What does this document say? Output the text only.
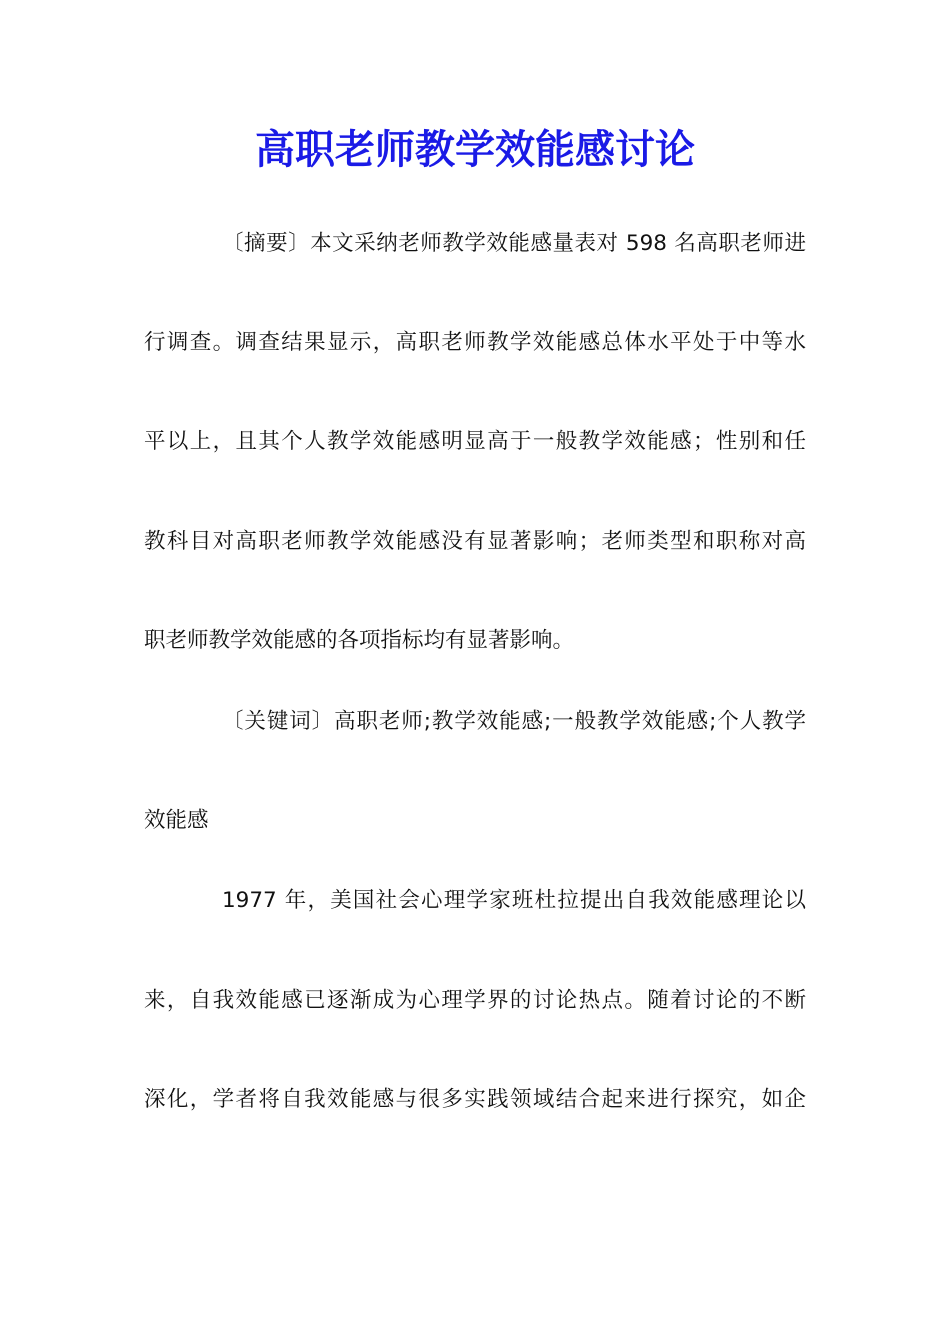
高职老师教学效能感讨论

〔摘要〕本文采纳老师教学效能感量表对 598 名高职老师进

行调查。调查结果显示，高职老师教学效能感总体水平处于中等水

平以上，且其个人教学效能感明显高于一般教学效能感；性别和任

教科目对高职老师教学效能感没有显著影响；老师类型和职称对高

职老师教学效能感的各项指标均有显著影响。

〔关键词〕高职老师;教学效能感;一般教学效能感;个人教学

效能感

1977 年，美国社会心理学家班杜拉提出自我效能感理论以

来，自我效能感已逐渐成为心理学界的讨论热点。随着讨论的不断

深化，学者将自我效能感与很多实践领域结合起来进行探究，如企
